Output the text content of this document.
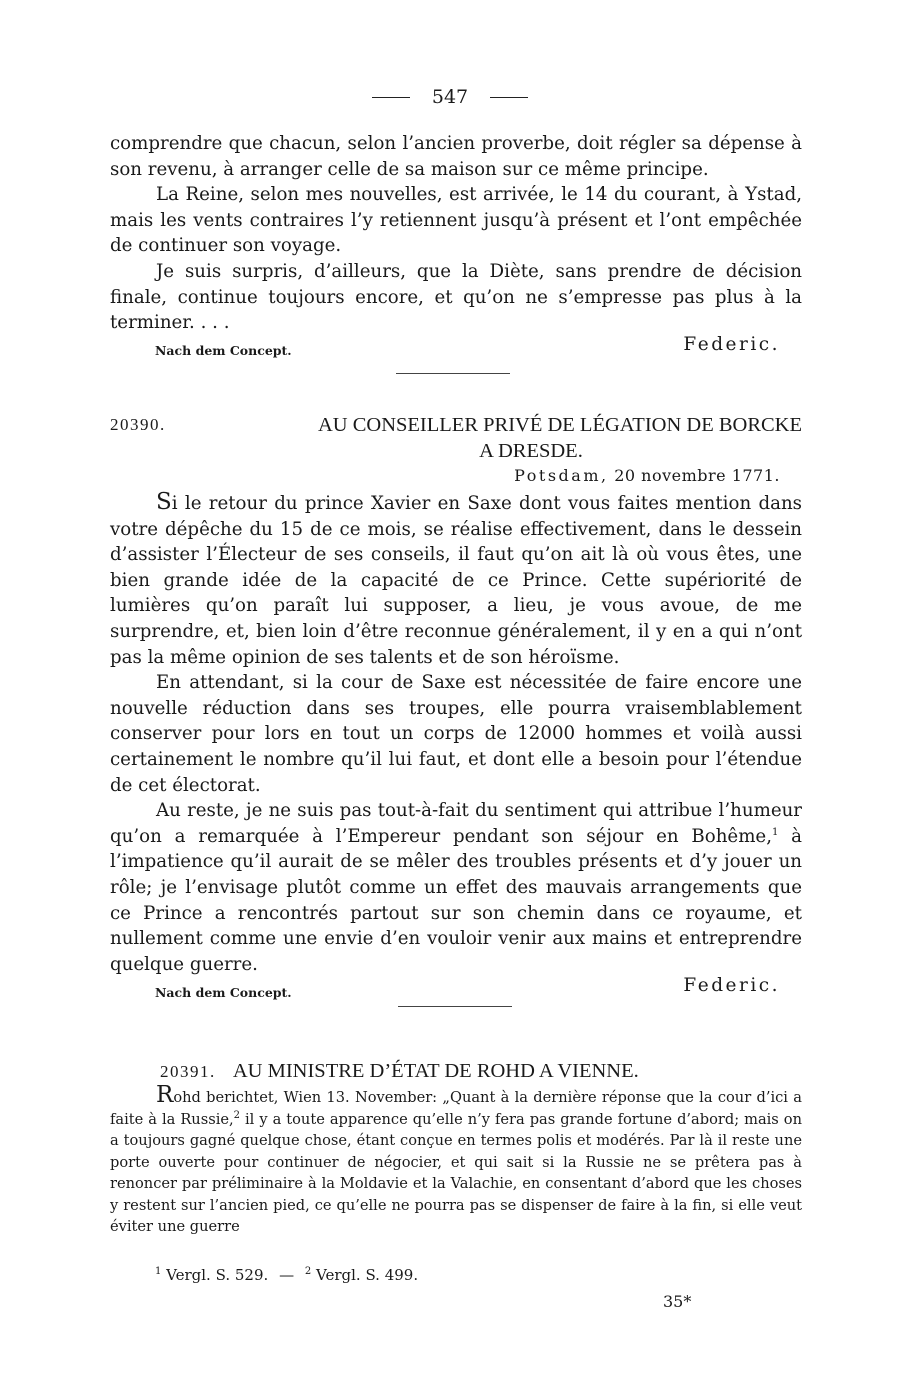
547

comprendre que chacun, selon l’ancien proverbe, doit régler sa dépense à son revenu, à arranger celle de sa maison sur ce même principe.

La Reine, selon mes nouvelles, est arrivée, le 14 du courant, à Ystad, mais les vents contraires l’y retiennent jusqu’à présent et l’ont empêchée de continuer son voyage.

Je suis surpris, d’ailleurs, que la Diète, sans prendre de décision finale, continue toujours encore, et qu’on ne s’empresse pas plus à la terminer. . . .

Federic.
Nach dem Concept.
20390.	AU CONSEILLER PRIVÉ DE LÉGATION DE BORCKE
A DRESDE.
Potsdam, 20 novembre 1771.

Si le retour du prince Xavier en Saxe dont vous faites mention dans votre dépêche du 15 de ce mois, se réalise effectivement, dans le dessein d’assister l’Électeur de ses conseils, il faut qu’on ait là où vous êtes, une bien grande idée de la capacité de ce Prince. Cette supériorité de lumières qu’on paraît lui supposer, a lieu, je vous avoue, de me surprendre, et, bien loin d’être reconnue généralement, il y en a qui n’ont pas la même opinion de ses talents et de son héroïsme.

En attendant, si la cour de Saxe est nécessitée de faire encore une nouvelle réduction dans ses troupes, elle pourra vraisemblablement conserver pour lors en tout un corps de 12000 hommes et voilà aussi certainement le nombre qu’il lui faut, et dont elle a besoin pour l’étendue de cet électorat.

Au reste, je ne suis pas tout-à-fait du sentiment qui attribue l’humeur qu’on a remarquée à l’Empereur pendant son séjour en Bohême,$^1$ à l’impatience qu’il aurait de se mêler des troubles présents et d’y jouer un rôle; je l’envisage plutôt comme un effet des mauvais arrangements que ce Prince a rencontrés partout sur son chemin dans ce royaume, et nullement comme une envie d’en vouloir venir aux mains et entreprendre quelque guerre.

Federic.
Nach dem Concept.
20391. AU MINISTRE D’ÉTAT DE ROHD A VIENNE.

Rohd berichtet, Wien 13. November: „Quant à la dernière réponse que la cour d’ici a faite à la Russie,$^2$ il y a toute apparence qu’elle n’y fera pas grande fortune d’abord; mais on a toujours gagné quelque chose, étant conçue en termes polis et modérés. Par là il reste une porte ouverte pour continuer de négocier, et qui sait si la Russie ne se prêtera pas à renoncer par préliminaire à la Moldavie et la Valachie, en consentant d’abord que les choses y restent sur l’ancien pied, ce qu’elle ne pourra pas se dispenser de faire à la fin, si elle veut éviter une guerre

$^1$ Vergl. S. 529. — $^2$ Vergl. S. 499.
35*
